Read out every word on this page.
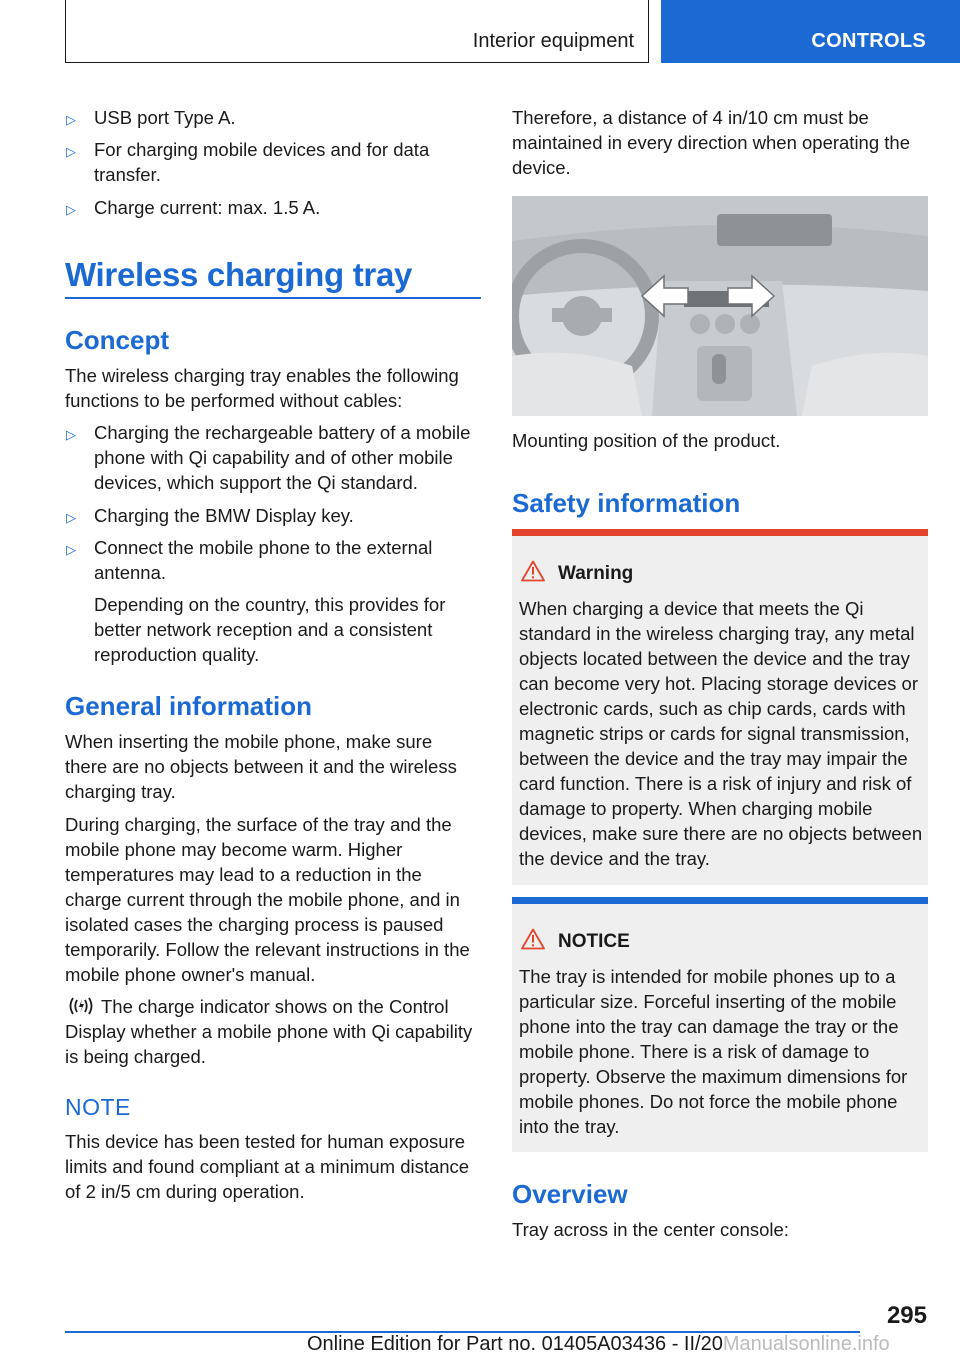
Interior equipment	CONTROLS
▷ USB port Type A.
▷ For charging mobile devices and for data transfer.
▷ Charge current: max. 1.5 A.
Wireless charging tray
Concept
The wireless charging tray enables the following functions to be performed without cables:
▷ Charging the rechargeable battery of a mobile phone with Qi capability and of other mobile devices, which support the Qi standard.
▷ Charging the BMW Display key.
▷ Connect the mobile phone to the external antenna.
Depending on the country, this provides for better network reception and a consistent reproduction quality.
General information
When inserting the mobile phone, make sure there are no objects between it and the wireless charging tray.
During charging, the surface of the tray and the mobile phone may become warm. Higher temperatures may lead to a reduction in the charge current through the mobile phone, and in isolated cases the charging process is paused temporarily. Follow the relevant instructions in the mobile phone owner's manual.
The charge indicator shows on the Control Display whether a mobile phone with Qi capability is being charged.
NOTE
This device has been tested for human exposure limits and found compliant at a minimum distance of 2 in/5 cm during operation.
Therefore, a distance of 4 in/10 cm must be maintained in every direction when operating the device.
Mounting position of the product.
Safety information
Warning
When charging a device that meets the Qi standard in the wireless charging tray, any metal objects located between the device and the tray can become very hot. Placing storage devices or electronic cards, such as chip cards, cards with magnetic strips or cards for signal transmission, between the device and the tray may impair the card function. There is a risk of injury and risk of damage to property. When charging mobile devices, make sure there are no objects between the device and the tray.
NOTICE
The tray is intended for mobile phones up to a particular size. Forceful inserting of the mobile phone into the tray can damage the tray or the mobile phone. There is a risk of damage to property. Observe the maximum dimensions for mobile phones. Do not force the mobile phone into the tray.
Overview
Tray across in the center console:
295
Online Edition for Part no. 01405A03436 - II/20Manualsonline.info
